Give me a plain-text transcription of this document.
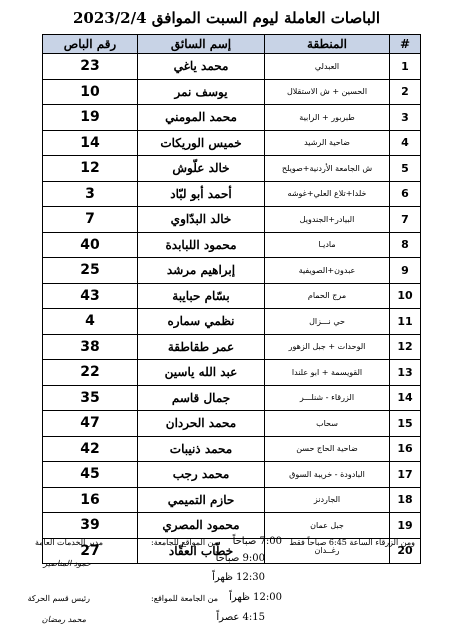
الباصات العاملة ليوم السبت الموافق 2023/2/4
#	المنطقة	إسم السائق	رقم الباص
1	العبدلي	محمد ياغي	23
2	الحسين + ش الاستقلال	يوسف نمر	10
3	طبربور + الرابية	محمد المومني	19
4	ضاحية الرشيد	خميس الوريكات	14
5	ش الجامعة الأردنية+صويلح	خالد علّوش	12
6	خلدا+تلاع العلي+غوشه	أحمد أبو لبّاد	3
7	البيادر+الجندويل	خالد البدّاوي	7
8	ماديـا	محمود اللبابدة	40
9	عبدون+الصويفية	إبراهيم مرشد	25
10	مرج الحمام	بسّام حبايبة	43
11	حي نـــزال	نظمي سماره	4
12	الوحدات + جبل الزهور	عمر طقاطقة	38
13	القويسمة + ابو علندا	عبد الله ياسين	22
14	الزرقاء - شنلـــر	جمال قاسم	35
15	سحاب	محمد الحردان	47
16	ضاحية الحاج حسن	محمد ذنيبات	42
17	البادودة - خريبة السوق	محمد رجب	45
18	الجاردنز	حازم التميمي	16
19	جبل عمان	محمود المصري	39
20	رغــدان	خطّاب العقّاد	27
من المواقع للجامعة: 7:00 صباحاً ومن الزرقاء الساعة 6:45 صباحاً فقط
9:00 صباحاً
12:30 ظهراً
من الجامعة للمواقع: 12:00 ظهراً
4:15 عصراً
مدير الخدمات العامة
حمود المناصير
رئيس قسم الحركة
محمد رمضان
